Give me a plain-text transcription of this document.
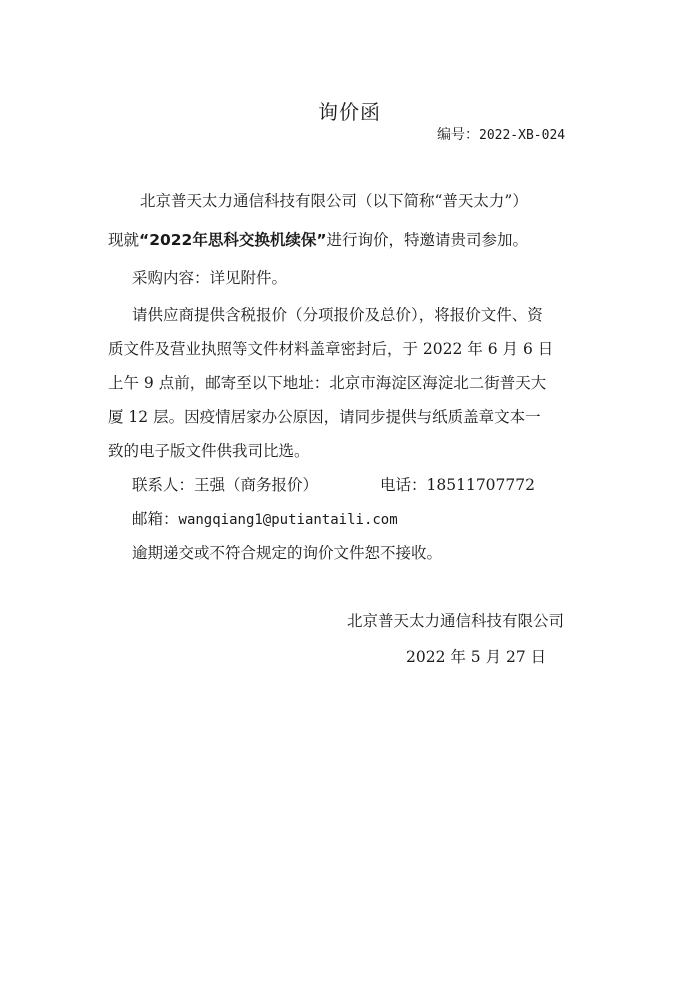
询价函
编号：2022-XB-024
北京普天太力通信科技有限公司（以下简称“普天太力”）
现就“2022年思科交换机续保”进行询价，特邀请贵司参加。
采购内容：详见附件。
请供应商提供含税报价（分项报价及总价），将报价文件、资
质文件及营业执照等文件材料盖章密封后，于 2022 年 6 月 6 日
上午 9 点前，邮寄至以下地址：北京市海淀区海淀北二街普天大
厦 12 层。因疫情居家办公原因，请同步提供与纸质盖章文本一
致的电子版文件供我司比选。
联系人：王强（商务报价）	电话：18511707772
邮箱：wangqiang1@putiantaili.com
逾期递交或不符合规定的询价文件恕不接收。
北京普天太力通信科技有限公司
2022 年 5 月 27 日
